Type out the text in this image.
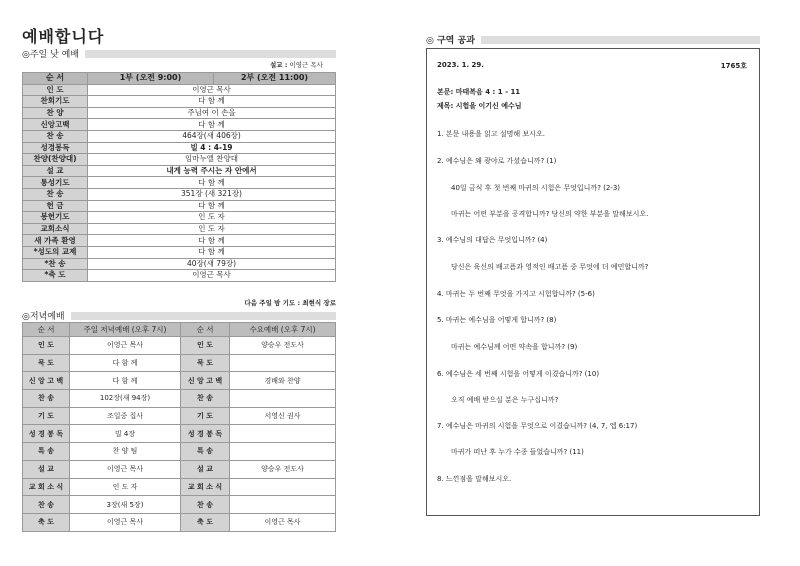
예배합니다
◎주일 낮 예배
설교 : 이영근 목사
순 서	1부 (오전 9:00)	2부 (오전 11:00)
인 도	이영근 목사	
찬회기도	다 함 께	
찬 양	주님여 이 손을	
신앙고백	다 함 께	
찬 송	464장(새 406장)	
성경봉독	빌 4 : 4-19	
찬양(찬양대)	임마누엘 찬양대	
설 교	내게 능력 주시는 자 안에서	
통성기도	다 함 께	
찬 송	351장 (새 321장)	
헌 금	다 함 께	
봉헌기도	인 도 자	
교회소식	인 도 자	
새 가족 환영	다 함 께	
*성도의 교제	다 함 께	
*찬 송	40장(새 79장)	
*축 도	이영근 목사	
다음 주일 밤 기도 : 최현식 장로
◎저녁예배
순 서	주일 저녁예배 (오후 7시)	순 서	수요예배 (오후 7시)
인 도	이영근 목사	인 도	양승우 전도사
묵 도	다 함 께	묵 도	
신 앙 고 백	다 함 께	신 앙 고 백	경배와 찬양
찬 송	102장(새 94장)	찬 송	
기 도	조일중 집사	기 도	서영신 권사
성 경 봉 독	빌 4장	성 경 봉 독	
특 송	찬 양 팀	특 송	
설 교	이영근 목사	설 교	양승우 전도사
교 회 소 식	인 도 자	교 회 소 식	
찬 송	3장(새 5장)	찬 송	
축 도	이영근 목사	축 도	이영근 목사
◎ 구역 공과
2023. 1. 29.	1765호
본문: 마태복음 4 : 1 - 11
제목: 시험을 이기신 예수님
1. 본문 내용을 읽고 설명해 보시오.
2. 예수님은 왜 광야로 가셨습니까? (1)
40일 금식 후 첫 번째 마귀의 시험은 무엇입니까? (2-3)
마귀는 어떤 부분을 공격합니까? 당신의 약한 부분을 말해보시오.
3. 예수님의 대답은 무엇입니까? (4)
당신은 육신의 배고픔과 영적인 배고픔 중 무엇에 더 예민합니까?
4. 마귀는 두 번째 무엇을 가지고 시험합니까? (5-6)
5. 마귀는 예수님을 어떻게 합니까? (8)
마귀는 예수님께 어떤 약속을 합니까? (9)
6. 예수님은 세 번째 시험을 어떻게 이겼습니까? (10)
오직 예배 받으실 분은 누구십니까?
7. 예수님은 마귀의 시험을 무엇으로 이겼습니까? (4, 7, 엡 6:17)
마귀가 떠난 후 누가 수종 들었습니까? (11)
8. 느낀점을 말해보시오.
